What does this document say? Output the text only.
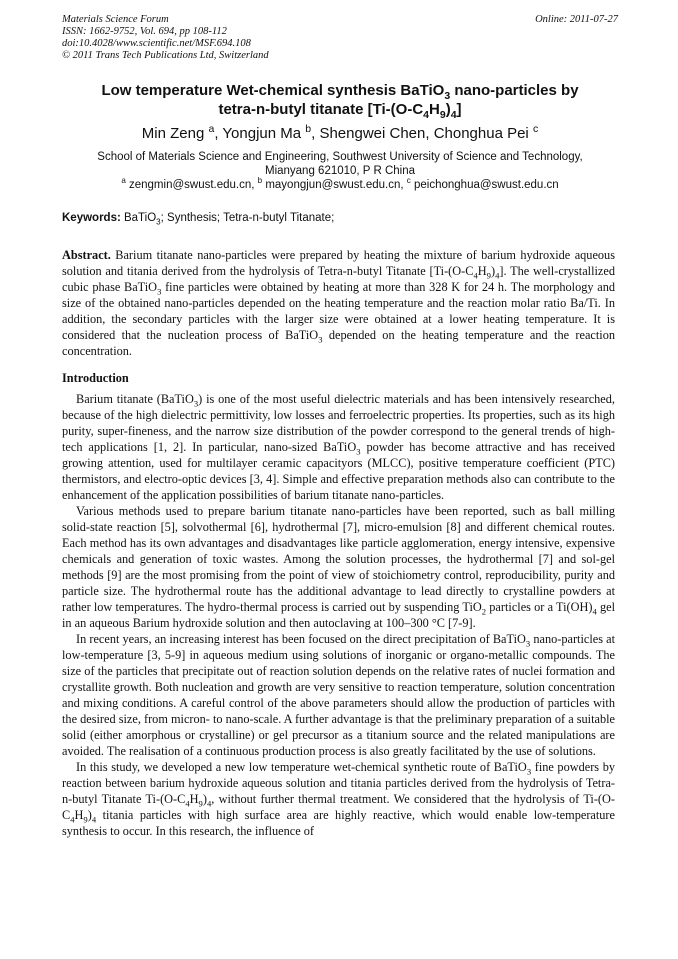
Materials Science Forum
ISSN: 1662-9752, Vol. 694, pp 108-112
doi:10.4028/www.scientific.net/MSF.694.108
© 2011 Trans Tech Publications Ltd, Switzerland
Online: 2011-07-27
Low temperature Wet-chemical synthesis BaTiO$_3$ nano-particles by
tetra-n-butyl titanate $[Ti-(O-C_4H_9)_4]$
Min Zeng $^a$, Yongjun Ma $^b$, Shengwei Chen, Chonghua Pei $^c$
School of Materials Science and Engineering, Southwest University of Science and Technology,
Mianyang 621010, P R China
$^a$ zengmin@swust.edu.cn, $^b$ mayongjun@swust.edu.cn, $^c$ peichonghua@swust.edu.cn
Keywords: BaTiO$_3$; Synthesis; Tetra-n-butyl Titanate;

Abstract. Barium titanate nano-particles were prepared by heating the mixture of barium hydroxide aqueous solution and titania derived from the hydrolysis of Tetra-n-butyl Titanate $[Ti-(O-C_4H_9)_4]$. The well-crystallized cubic phase BaTiO$_3$ fine particles were obtained by heating at more than 328 K for 24 h. The morphology and size of the obtained nano-particles depended on the heating temperature and the reaction molar ratio Ba/Ti. In addition, the secondary particles with the larger size were obtained at a lower heating temperature. It is considered that the nucleation process of BaTiO$_3$ depended on the heating temperature and the reaction concentration.

Introduction

Barium titanate (BaTiO$_3$) is one of the most useful dielectric materials and has been intensively researched, because of the high dielectric permittivity, low losses and ferroelectric properties. Its properties, such as its high purity, super-fineness, and the narrow size distribution of the powder correspond to the general trends of high-tech applications [1, 2]. In particular, nano-sized BaTiO$_3$ powder has become attractive and has received growing attention, used for multilayer ceramic capacityors (MLCC), positive temperature coefficient (PTC) thermistors, and electro-optic devices [3, 4]. Simple and effective preparation methods also can contribute to the enhancement of the application possibilities of barium titanate nano-particles.

Various methods used to prepare barium titanate nano-particles have been reported, such as ball milling solid-state reaction [5], solvothermal [6], hydrothermal [7], micro-emulsion [8] and different chemical routes. Each method has its own advantages and disadvantages like particle agglomeration, energy intensive, expensive chemicals and generation of toxic wastes. Among the solution processes, the hydrothermal [7] and sol-gel methods [9] are the most promising from the point of view of stoichiometry control, reproducibility, purity and particle size. The hydrothermal route has the additional advantage to lead directly to crystalline powders at rather low temperatures. The hydro-thermal process is carried out by suspending TiO$_2$ particles or a $Ti(OH)_4$ gel in an aqueous Barium hydroxide solution and then autoclaving at 100–300 °C [7-9].

In recent years, an increasing interest has been focused on the direct precipitation of BaTiO$_3$ nano-particles at low-temperature [3, 5-9] in aqueous medium using solutions of inorganic or organo-metallic compounds. The size of the particles that precipitate out of reaction solution depends on the relative rates of nuclei formation and crystallite growth. Both nucleation and growth are very sensitive to reaction temperature, solution concentration and mixing conditions. A careful control of the above parameters should allow the production of particles with the desired size, from micron- to nano-scale. A further advantage is that the preliminary preparation of a suitable solid (either amorphous or crystalline) or gel precursor as a titanium source and the related manipulations are avoided. The realisation of a continuous production process is also greatly facilitated by the use of solutions.

In this study, we developed a new low temperature wet-chemical synthetic route of BaTiO$_3$ fine powders by reaction between barium hydroxide aqueous solution and titania particles derived from the hydrolysis of Tetra-n-butyl Titanate $Ti-(O-C_4H_9)_4$, without further thermal treatment. We considered that the hydrolysis of $Ti-(O-C_4H_9)_4$ titania particles with high surface area are highly reactive, which would enable low-temperature synthesis to occur. In this research, the influence of
